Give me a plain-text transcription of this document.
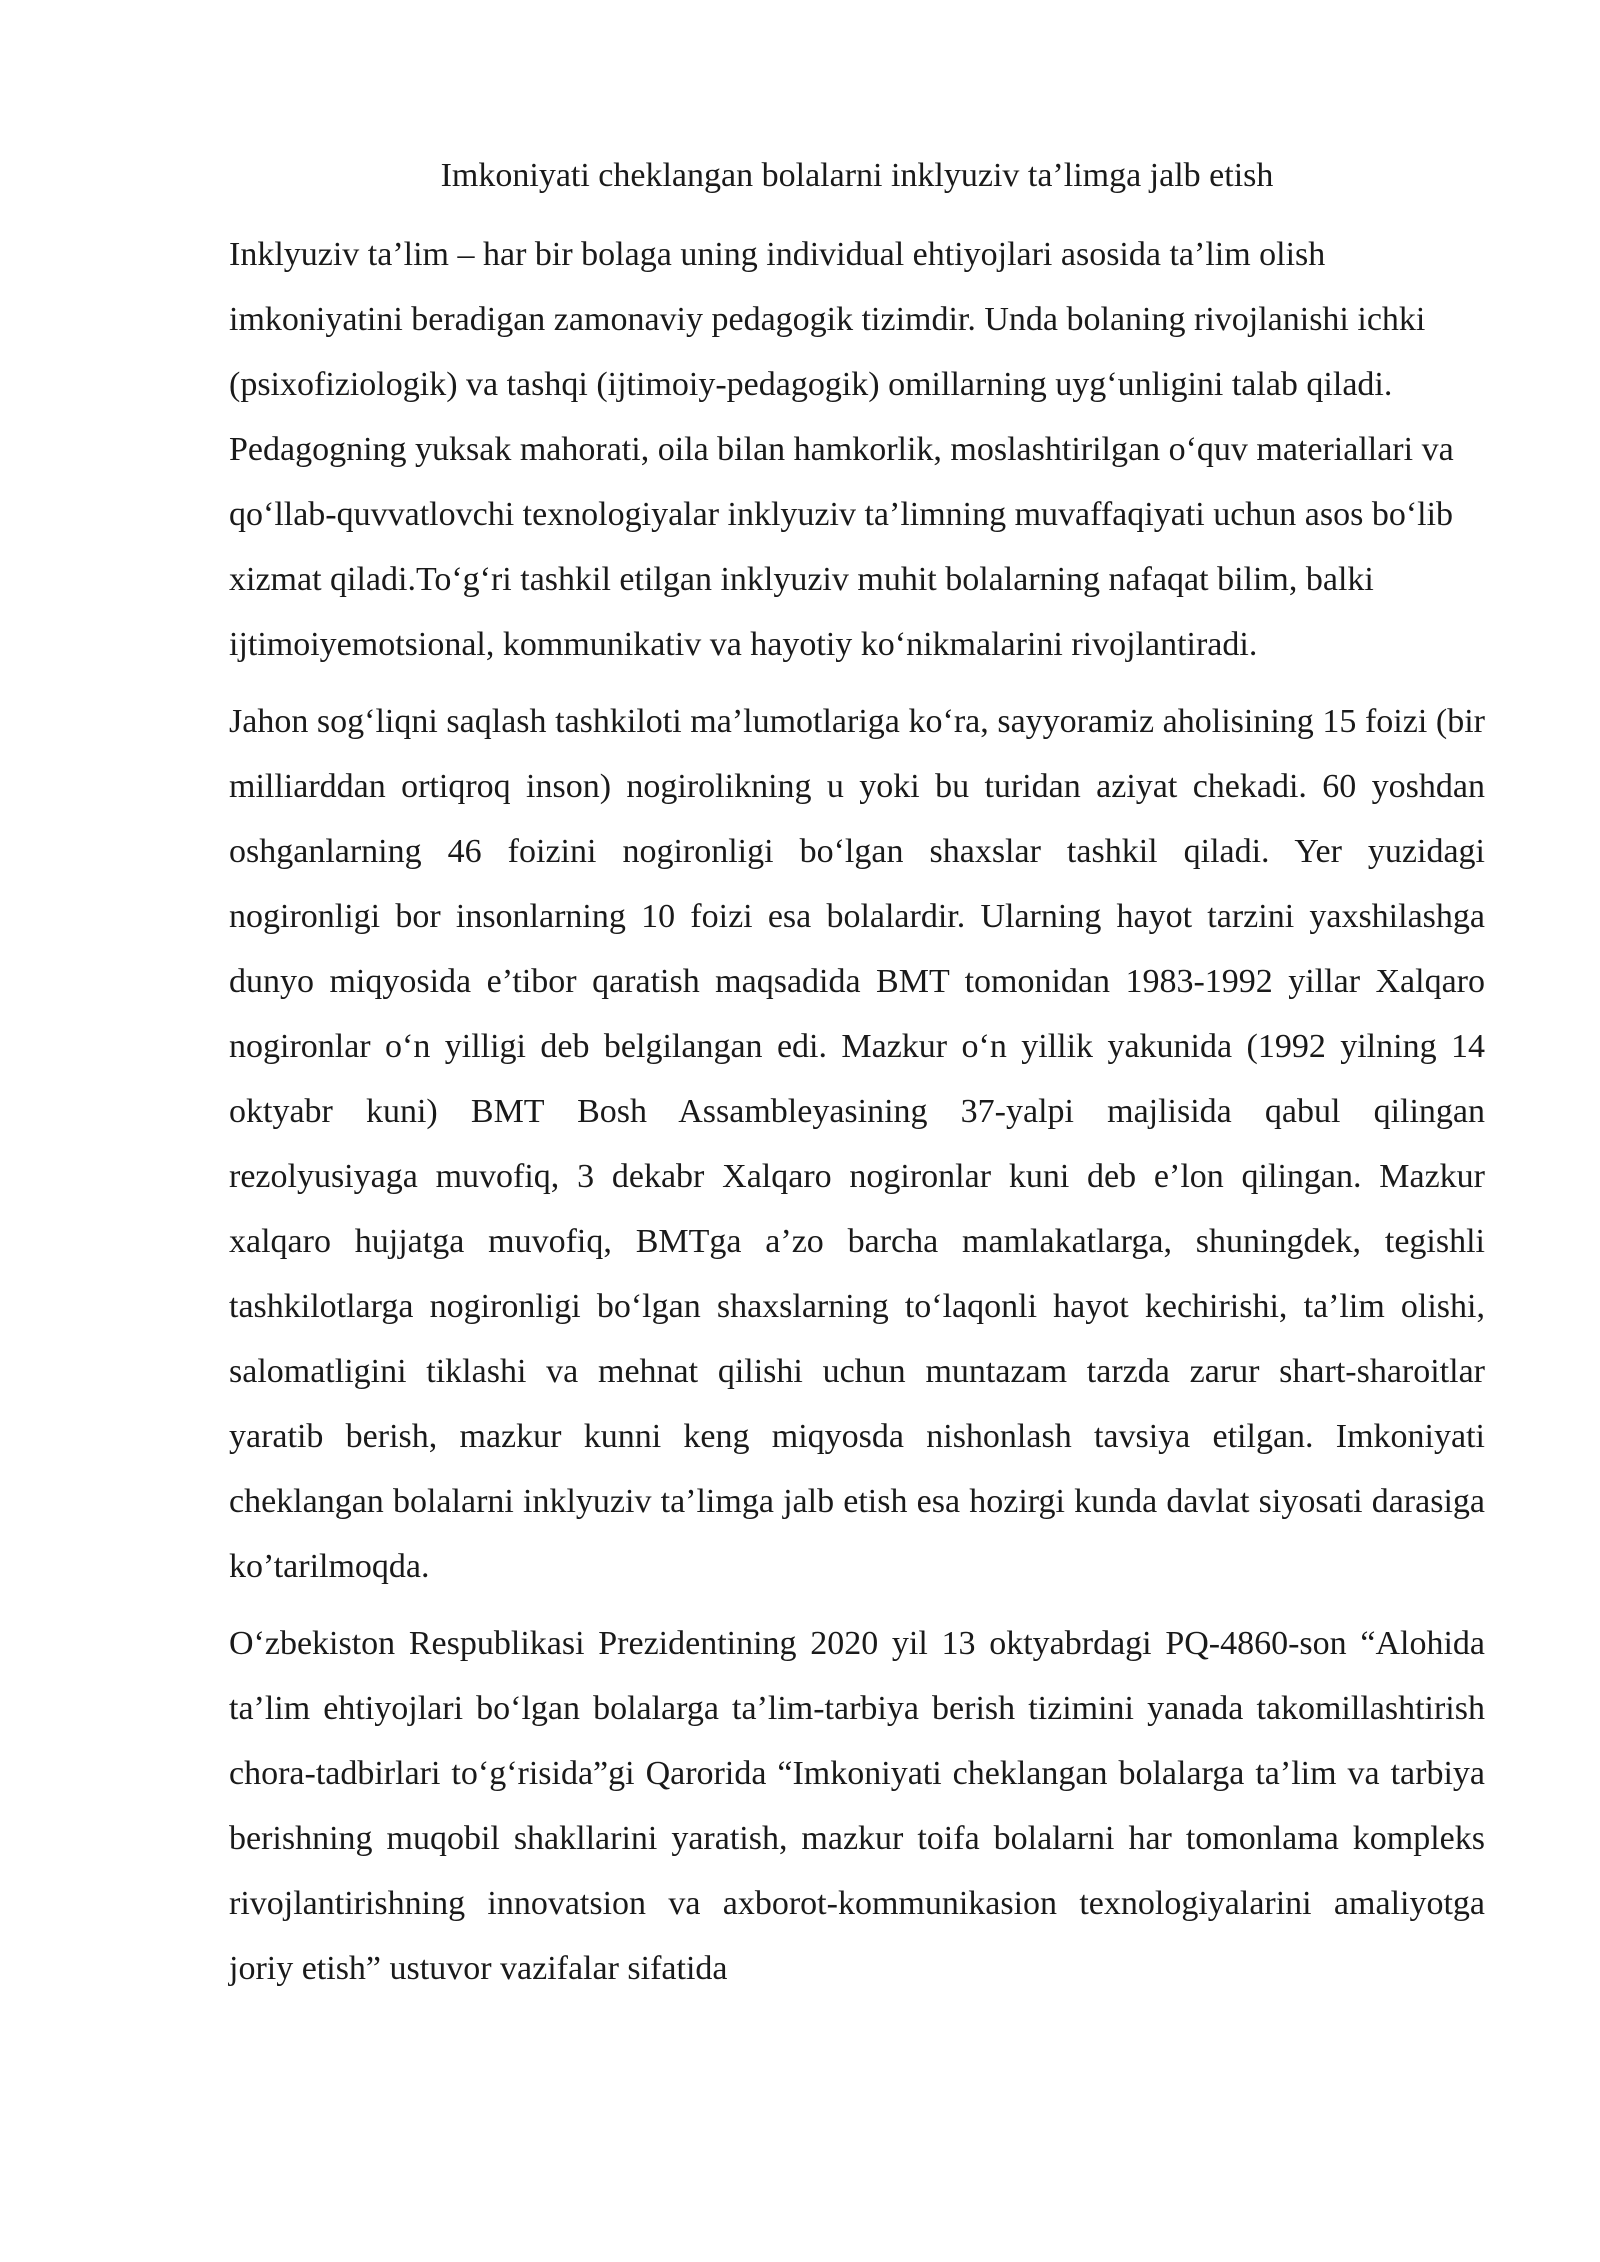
Imkoniyati cheklangan bolalarni inklyuziv ta’limga jalb etish

Inklyuziv ta’lim – har bir bolaga uning individual ehtiyojlari asosida ta’lim olish imkoniyatini beradigan zamonaviy pedagogik tizimdir. Unda bolaning rivojlanishi ichki (psixofiziologik) va tashqi (ijtimoiy-pedagogik) omillarning uygʻunligini talab qiladi. Pedagogning yuksak mahorati, oila bilan hamkorlik, moslashtirilgan oʻquv materiallari va qoʻllab-quvvatlovchi texnologiyalar inklyuziv ta’limning muvaffaqiyati uchun asos boʻlib xizmat qiladi.Toʻgʻri tashkil etilgan inklyuziv muhit bolalarning nafaqat bilim, balki ijtimoiyemotsional, kommunikativ va hayotiy koʻnikmalarini rivojlantiradi.

Jahon sogʻliqni saqlash tashkiloti ma’lumotlariga koʻra, sayyoramiz aholisining 15 foizi (bir milliarddan ortiqroq inson) nogirolikning u yoki bu turidan aziyat chekadi. 60 yoshdan oshganlarning 46 foizini nogironligi boʻlgan shaxslar tashkil qiladi. Yer yuzidagi nogironligi bor insonlarning 10 foizi esa bolalardir. Ularning hayot tarzini yaxshilashga dunyo miqyosida e’tibor qaratish maqsadida BMT tomonidan 1983-1992 yillar Xalqaro nogironlar oʻn yilligi deb belgilangan edi. Mazkur oʻn yillik yakunida (1992 yilning 14 oktyabr kuni) BMT Bosh Assambleyasining 37-yalpi majlisida qabul qilingan rezolyusiyaga muvofiq, 3 dekabr Xalqaro nogironlar kuni deb e’lon qilingan. Mazkur xalqaro hujjatga muvofiq, BMTga a’zo barcha mamlakatlarga, shuningdek, tegishli tashkilotlarga nogironligi boʻlgan shaxslarning toʻlaqonli hayot kechirishi, ta’lim olishi, salomatligini tiklashi va mehnat qilishi uchun muntazam tarzda zarur shart-sharoitlar yaratib berish, mazkur kunni keng miqyosda nishonlash tavsiya etilgan. Imkoniyati cheklangan bolalarni inklyuziv ta’limga jalb etish esa hozirgi kunda davlat siyosati darasiga ko’tarilmoqda.

Oʻzbekiston Respublikasi Prezidentining 2020 yil 13 oktyabrdagi PQ-4860-son “Alohida ta’lim ehtiyojlari boʻlgan bolalarga ta’lim-tarbiya berish tizimini yanada takomillashtirish chora-tadbirlari toʻgʻrisida”gi Qarorida “Imkoniyati cheklangan bolalarga ta’lim va tarbiya berishning muqobil shakllarini yaratish, mazkur toifa bolalarni har tomonlama kompleks rivojlantirishning innovatsion va axborot-kommunikasion texnologiyalarini amaliyotga joriy etish” ustuvor vazifalar sifatida
